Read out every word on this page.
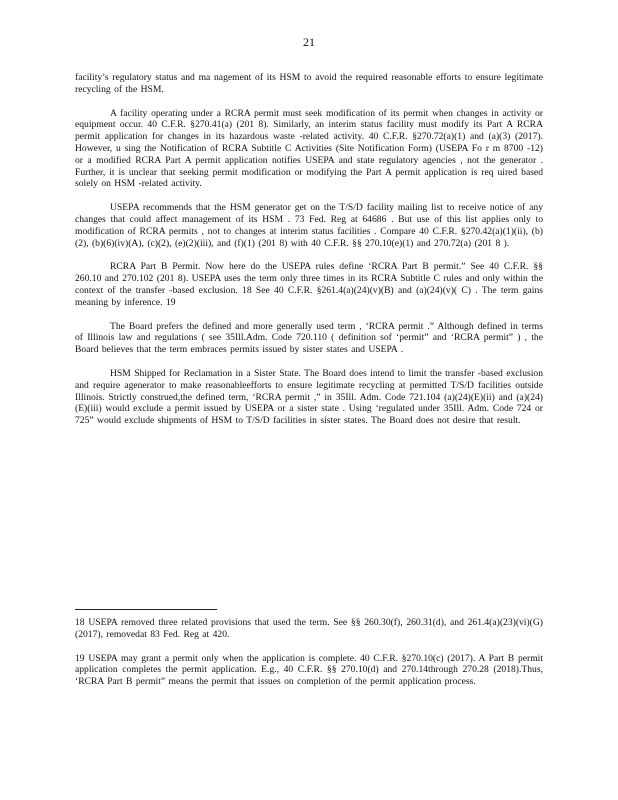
21

facility’s regulatory status and ma nagement of its HSM to avoid the required reasonable efforts to ensure legitimate recycling of the HSM.

A facility operating under a RCRA permit must seek modification of its permit when changes in activity or equipment occur. 40 C.F.R. §270.41(a) (201 8). Similarly, an interim status facility must modify its Part A RCRA permit application for changes in its hazardous waste -related activity. 40 C.F.R. §270.72(a)(1) and (a)(3) (2017). However, u sing the Notification of RCRA Subtitle C Activities (Site Notification Form) (USEPA Fo r m 8700 -12) or a modified RCRA Part A permit application notifies USEPA and state regulatory agencies , not the generator . Further, it is unclear that seeking permit modification or modifying the Part A permit application is req uired based solely on HSM -related activity.

USEPA recommends that the HSM generator get on the T/S/D facility mailing list to receive notice of any changes that could affect management of its HSM . 73 Fed. Reg at 64686 . But use of this list applies only to modification of RCRA permits , not to changes at interim status facilities . Compare 40 C.F.R. §270.42(a)(1)(ii), (b)(2), (b)(6)(iv)(A), (c)(2), (e)(2)(iii), and (f)(1) (201 8) with 40 C.F.R. §§ 270.10(e)(1) and 270.72(a) (201 8 ).

RCRA Part B Permit. Now here do the USEPA rules define ‘RCRA Part B permit.” See 40 C.F.R. §§ 260.10 and 270.102 (201 8). USEPA uses the term only three times in its RCRA Subtitle C rules and only within the context of the transfer -based exclusion. 18 See 40 C.F.R. §261.4(a)(24)(v)(B) and (a)(24)(v)( C) . The term gains meaning by inference. 19

The Board prefers the defined and more generally used term , ‘RCRA permit .” Although defined in terms of Illinois law and regulations ( see 35Ill.Adm. Code 720.110 ( definition sof ‘permit” and ‘RCRA permit” ) , the Board believes that the term embraces permits issued by sister states and USEPA .

HSM Shipped for Reclamation in a Sister State. The Board does intend to limit the transfer -based exclusion and require agenerator to make reasonableefforts to ensure legitimate recycling at permitted T/S/D facilities outside Illinois. Strictly construed,the defined term, ‘RCRA permit ,” in 35Ill. Adm. Code 721.104 (a)(24)(E)(ii) and (a)(24) (E)(iii) would exclude a permit issued by USEPA or a sister state . Using ‘regulated under 35Ill. Adm. Code 724 or 725” would exclude shipments of HSM to T/S/D facilities in sister states. The Board does not desire that result.

18 USEPA removed three related provisions that used the term. See §§ 260.30(f), 260.31(d), and 261.4(a)(23)(vi)(G) (2017), removedat 83 Fed. Reg at 420.

19 USEPA may grant a permit only when the application is complete. 40 C.F.R. §270.10(c) (2017). A Part B permit application completes the permit application. E.g., 40 C.F.R. §§ 270.10(d) and 270.14through 270.28 (2018).Thus, ‘RCRA Part B permit” means the permit that issues on completion of the permit application process.
